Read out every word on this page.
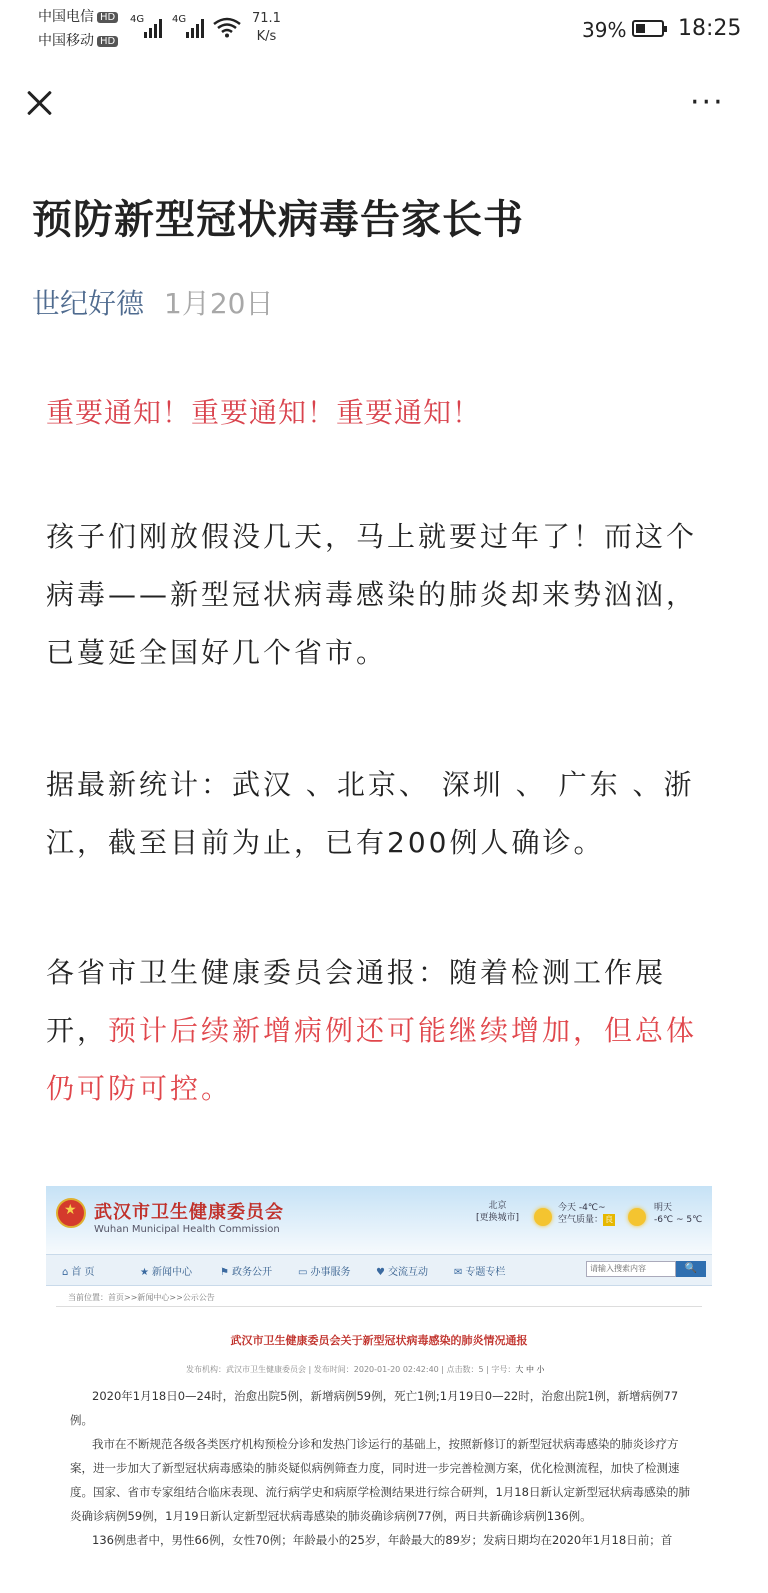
中国电信 HD
中国移动 HD
4G	4G	71.1
K/s	39% 18:25
···
预防新型冠状病毒告家长书
世纪好德 1月20日
重要通知！重要通知！重要通知！
孩子们刚放假没几天，马上就要过年了！而这个病毒——新型冠状病毒感染的肺炎却来势汹汹，已蔓延全国好几个省市。
据最新统计：武汉 、北京、 深圳 、 广东 、浙江，截至目前为止，已有200例人确诊。
各省市卫生健康委员会通报：随着检测工作展开，预计后续新增病例还可能继续增加，但总体仍可防可控。
★
武汉市卫生健康委员会
Wuhan Municipal Health Commission
北京
[更换城市]
今天 -4℃~
空气质量： 良
明天
-6℃ ~ 5℃
⌂ 首 页	★ 新闻中心	⚑ 政务公开	▭ 办事服务	♥ 交流互动	✉ 专题专栏	请输入搜索内容	🔍
当前位置：首页>>新闻中心>>公示公告
武汉市卫生健康委员会关于新型冠状病毒感染的肺炎情况通报
发布机构：武汉市卫生健康委员会 | 发布时间：2020-01-20 02:42:40 | 点击数：5 | 字号：大 中 小

2020年1月18日0—24时，治愈出院5例，新增病例59例，死亡1例;1月19日0—22时，治愈出院1例，新增病例77例。

我市在不断规范各级各类医疗机构预检分诊和发热门诊运行的基础上，按照新修订的新型冠状病毒感染的肺炎诊疗方案，进一步加大了新型冠状病毒感染的肺炎疑似病例筛查力度，同时进一步完善检测方案，优化检测流程，加快了检测速度。国家、省市专家组结合临床表现、流行病学史和病原学检测结果进行综合研判，1月18日新认定新型冠状病毒感染的肺炎确诊病例59例，1月19日新认定新型冠状病毒感染的肺炎确诊病例77例，两日共新确诊病例136例。

136例患者中，男性66例，女性70例；年龄最小的25岁，年龄最大的89岁；发病日期均在2020年1月18日前；首
